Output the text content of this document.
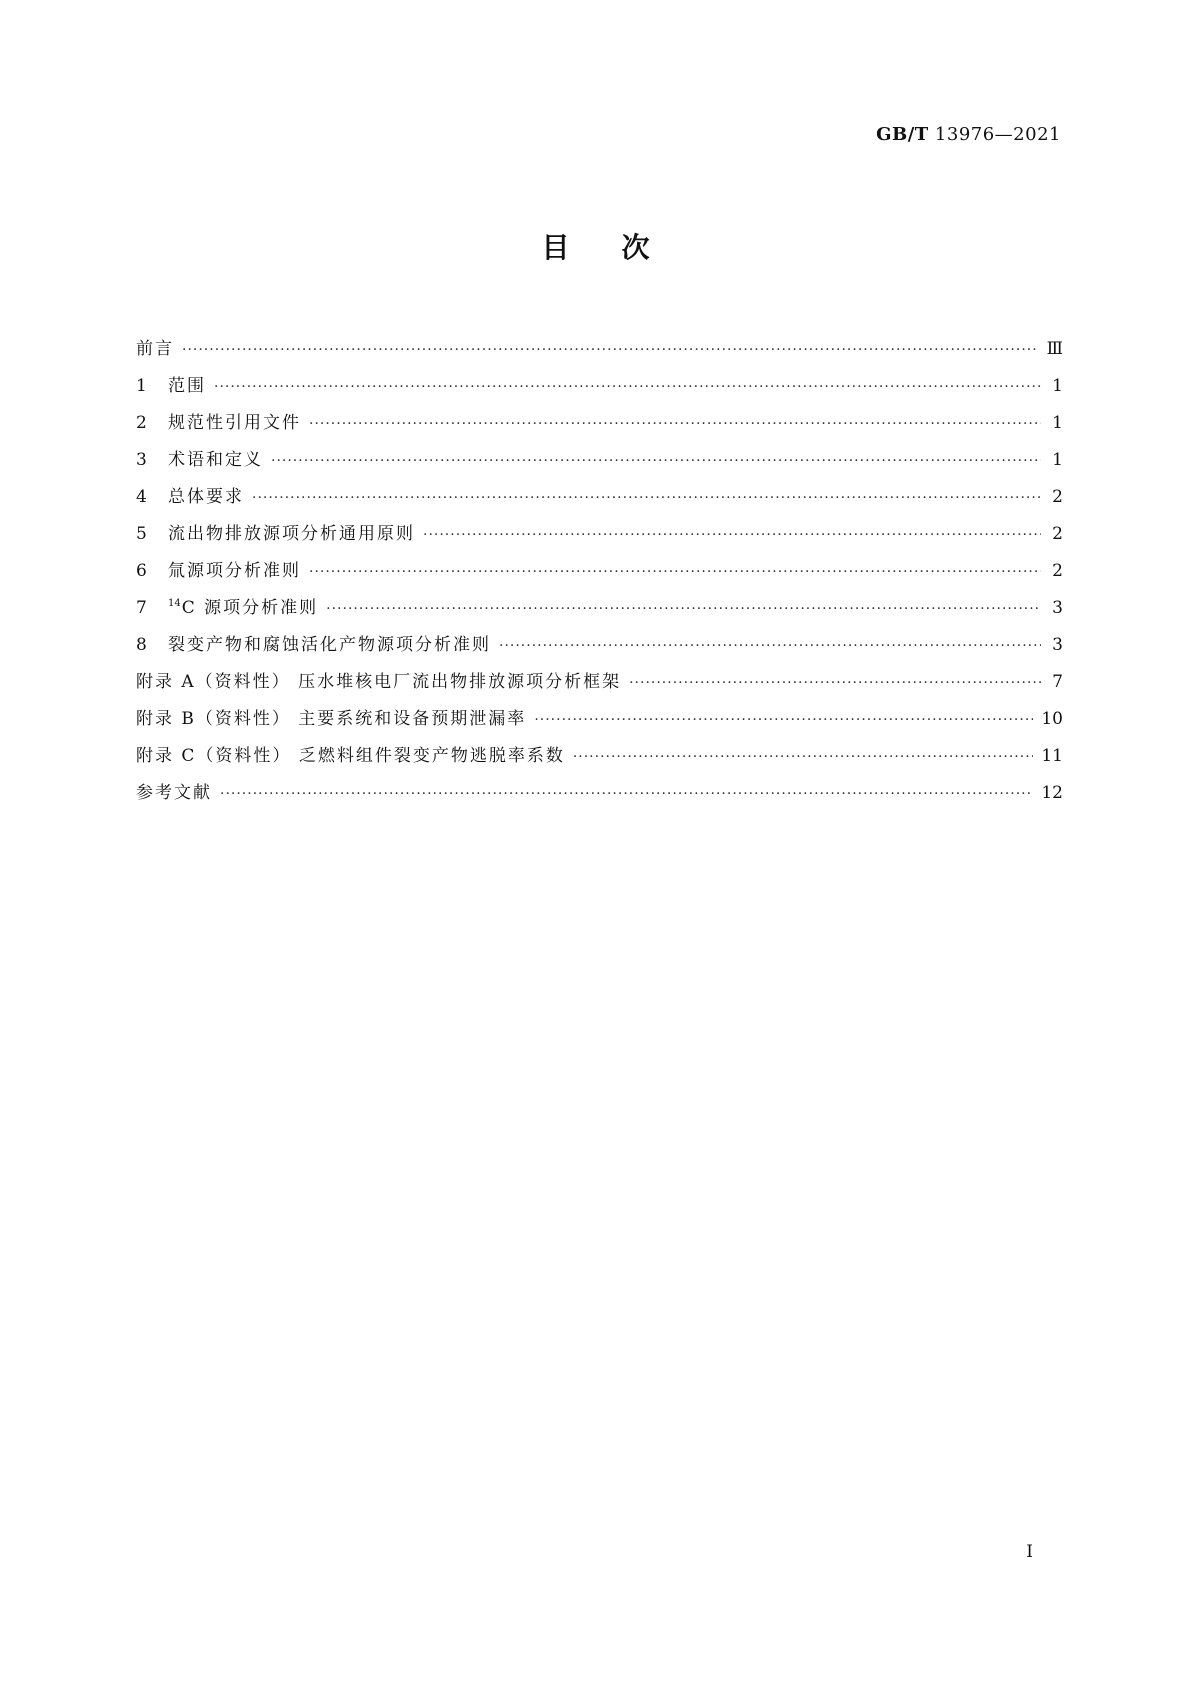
GB/T 13976—2021
目次
前言 ·····	Ⅲ
1 范围 ·····	1
2 规范性引用文件 ·····	1
3 术语和定义 ·····	1
4 总体要求 ·····	2
5 流出物排放源项分析通用原则 ·····	2
6 氚源项分析准则 ·····	2
7 $^{14}$C 源项分析准则 ·····	3
8 裂变产物和腐蚀活化产物源项分析准则 ·····	3
附录 A（资料性） 压水堆核电厂流出物排放源项分析框架 ·····	7
附录 B（资料性） 主要系统和设备预期泄漏率 ·····	10
附录 C（资料性） 乏燃料组件裂变产物逃脱率系数 ·····	11
参考文献 ·····	12
Ⅰ
